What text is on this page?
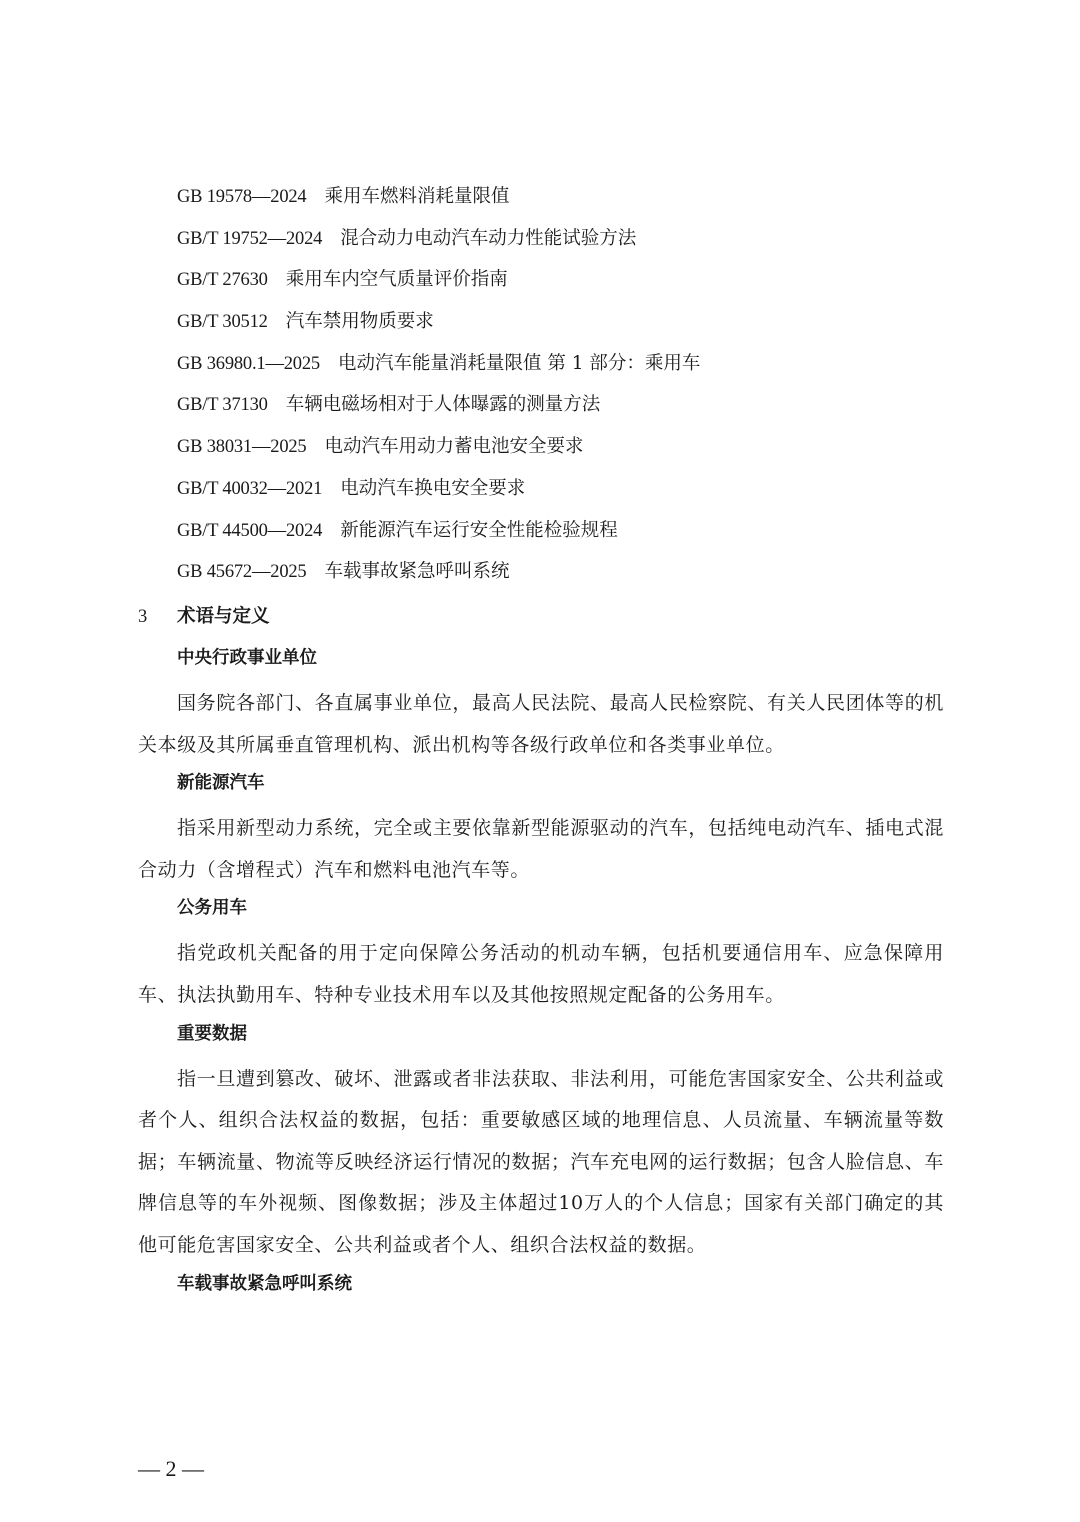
GB 19578—2024 乘用车燃料消耗量限值
GB/T 19752—2024 混合动力电动汽车动力性能试验方法
GB/T 27630 乘用车内空气质量评价指南
GB/T 30512 汽车禁用物质要求
GB 36980.1—2025 电动汽车能量消耗量限值 第 1 部分：乘用车
GB/T 37130 车辆电磁场相对于人体曝露的测量方法
GB 38031—2025 电动汽车用动力蓄电池安全要求
GB/T 40032—2021 电动汽车换电安全要求
GB/T 44500—2024 新能源汽车运行安全性能检验规程
GB 45672—2025 车载事故紧急呼叫系统
3 术语与定义
中央行政事业单位

国务院各部门、各直属事业单位，最高人民法院、最高人民检察院、有关人民团体等的机关本级及其所属垂直管理机构、派出机构等各级行政单位和各类事业单位。

新能源汽车

指采用新型动力系统，完全或主要依靠新型能源驱动的汽车，包括纯电动汽车、插电式混合动力（含增程式）汽车和燃料电池汽车等。

公务用车

指党政机关配备的用于定向保障公务活动的机动车辆，包括机要通信用车、应急保障用车、执法执勤用车、特种专业技术用车以及其他按照规定配备的公务用车。

重要数据

指一旦遭到篡改、破坏、泄露或者非法获取、非法利用，可能危害国家安全、公共利益或者个人、组织合法权益的数据，包括：重要敏感区域的地理信息、人员流量、车辆流量等数据；车辆流量、物流等反映经济运行情况的数据；汽车充电网的运行数据；包含人脸信息、车牌信息等的车外视频、图像数据；涉及主体超过10万人的个人信息；国家有关部门确定的其他可能危害国家安全、公共利益或者个人、组织合法权益的数据。

车载事故紧急呼叫系统

— 2 —
